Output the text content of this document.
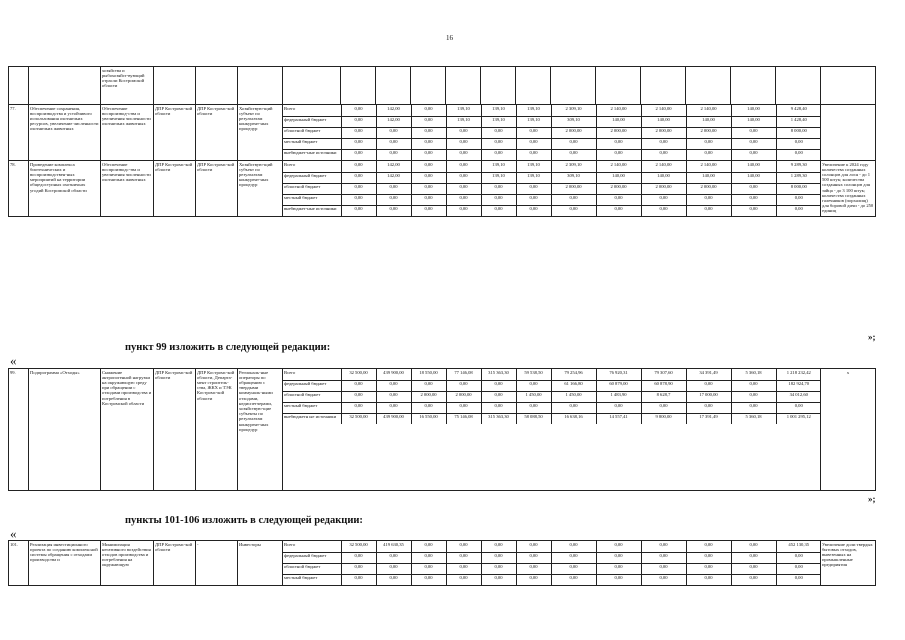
16
		хозяйства и рыбохозяйст-вующий отрасли Костромской области																	
77.	Обеспечение сохранения, воспроизводства и устойчивого использования охотничьих ресурсов, увеличение численности охотничьих животных	Обеспечение воспроизвод-ства и увеличения численности охотничьих животных	ДПР Костромс-кой области	ДПР Костромс-кой области	Хозяйствую-щий субъект по результатам конкурент-ных процедур	
Всего	0,00	142,00	0,00	139,10	139,10	139,10	2 309,10	2 140,00	2 140,00	2 140,00	140,00	9 428,40
федеральный бюджет	0,00	142,00	0,00	139,10	139,10	139,10	309,10	140,00	140,00	140,00	140,00	1 428,40
областной бюджет	0,00	0,00	0,00	0,00	0,00	0,00	2 000,00	2 000,00	2 000,00	2 000,00	0,00	8 000,00
местный бюджет	0,00	0,00	0,00	0,00	0,00	0,00	0,00	0,00	0,00	0,00	0,00	0,00
внебюджет-ные источники	0,00	0,00	0,00	0,00	0,00	0,00	0,00	0,00	0,00	0,00	0,00	0,00

78.	Проведение комплекса биотехнических и воспроизводствен-ных мероприятий на территории общедоступных охотничьих угодий Костромской области	Обеспечение воспроизводс-тва и увеличения численности охотничьих животных	ДПР Костромс-кой области	ДПР Костромс-кой области	Хозяйствую-щий субъект по результатам конкурент-ных процедур	
Всего	0,00	142,00	0,00	0,00	139,10	139,10	2 309,10	2 140,00	2 140,00	2 140,00	140,00	9 289,30
федеральный бюджет	0,00	142,00	0,00	0,00	139,10	139,10	309,10	140,00	140,00	140,00	140,00	1 289,30
областной бюджет	0,00	0,00	0,00	0,00	0,00	0,00	2 000,00	2 000,00	2 000,00	2 000,00	0,00	8 000,00
местный бюджет	0,00	0,00	0,00	0,00	0,00	0,00	0,00	0,00	0,00	0,00	0,00	0,00
внебюджет-ные источники	0,00	0,00	0,00	0,00	0,00	0,00	0,00	0,00	0,00	0,00	0,00	0,00
	Увеличение к 2024 году количества созданных солонцов для лося - до 1 500 штук; количества созданных солонцов для зайца - до 3 100 штук; количества созданных галечников (порхалищ) для боровой дичи - до 250 единиц
«
пункт 99 изложить в следующей редакции:
99.	Подпрограмма «Отходы»	Снижение антропогенной нагрузки на окружающую среду при обращении с отходами производства и потребления в Костромской области	ДПР Костромс-кой области	ДПР Костромс-кой области, Департа-мент строитель-ства, ЖКХ и ТЭК Костромс-кой области	Региональ-ные операторы по обращению с твердыми коммуналь-ными отходами, недиспетчерами, хозяйствую-щие субъекты по результатам конкурент-ных процедур	
Всего	32 500,00	439 900,00	18 550,00	77 146,08	315 363,30	59 538,50	79 254,96	76 920,31	79 307,60	34 391,49	5 360,18	1 218 232,42
федеральный бюджет	0,00	0,00	0,00	0,00	0,00	0,00	61 166,80	60 879,00	60 878,90	0,00	0,00	182 924,70
областной бюджет	0,00	0,00	2 000,00	2 000,00	0,00	1 450,00	1 450,00	1 483,90	8 628,7	17 000,00	0,00	34 012,60
местный бюджет	0,00	0,00	0,00	0,00	0,00	0,00	0,00	0,00	0,00	0,00	0,00	0,00
внебюджетн ые источники	32 500,00	439 900,00	16 550,00	75 146,08	315 363,30	58 088,50	16 638,16	14 557,41	9 800,00	17 391,49	5 360,18	1 001 295,12
	х
»;
»;
пункты 101-106 изложить в следующей редакции:
«
101.	Реализация инвестиционного проекта по созданию комплексной системы обращения с отходами производства и	Минимизация негативного воздействия отходов производства и потребления на окружающую	ДПР Костромс-кой области	-	Инвесторы		Всего	32 500,00	419 630,35	0,00	0,00	0,00	0,00	0,00	0,00	0,00	0,00	0,00	452 130,35
федеральный бюджет	0,00	0,00	0,00	0,00	0,00	0,00	0,00	0,00	0,00	0,00	0,00	0,00
областной бюджет	0,00	0,00	0,00	0,00	0,00	0,00	0,00	0,00	0,00	0,00	0,00	0,00
местный бюджет	0,00	0,00	0,00	0,00	0,00	0,00	0,00	0,00	0,00	0,00	0,00	0,00
	Увеличение доли твердых бытовых отходов, вывезенных на промышленные предприятия
